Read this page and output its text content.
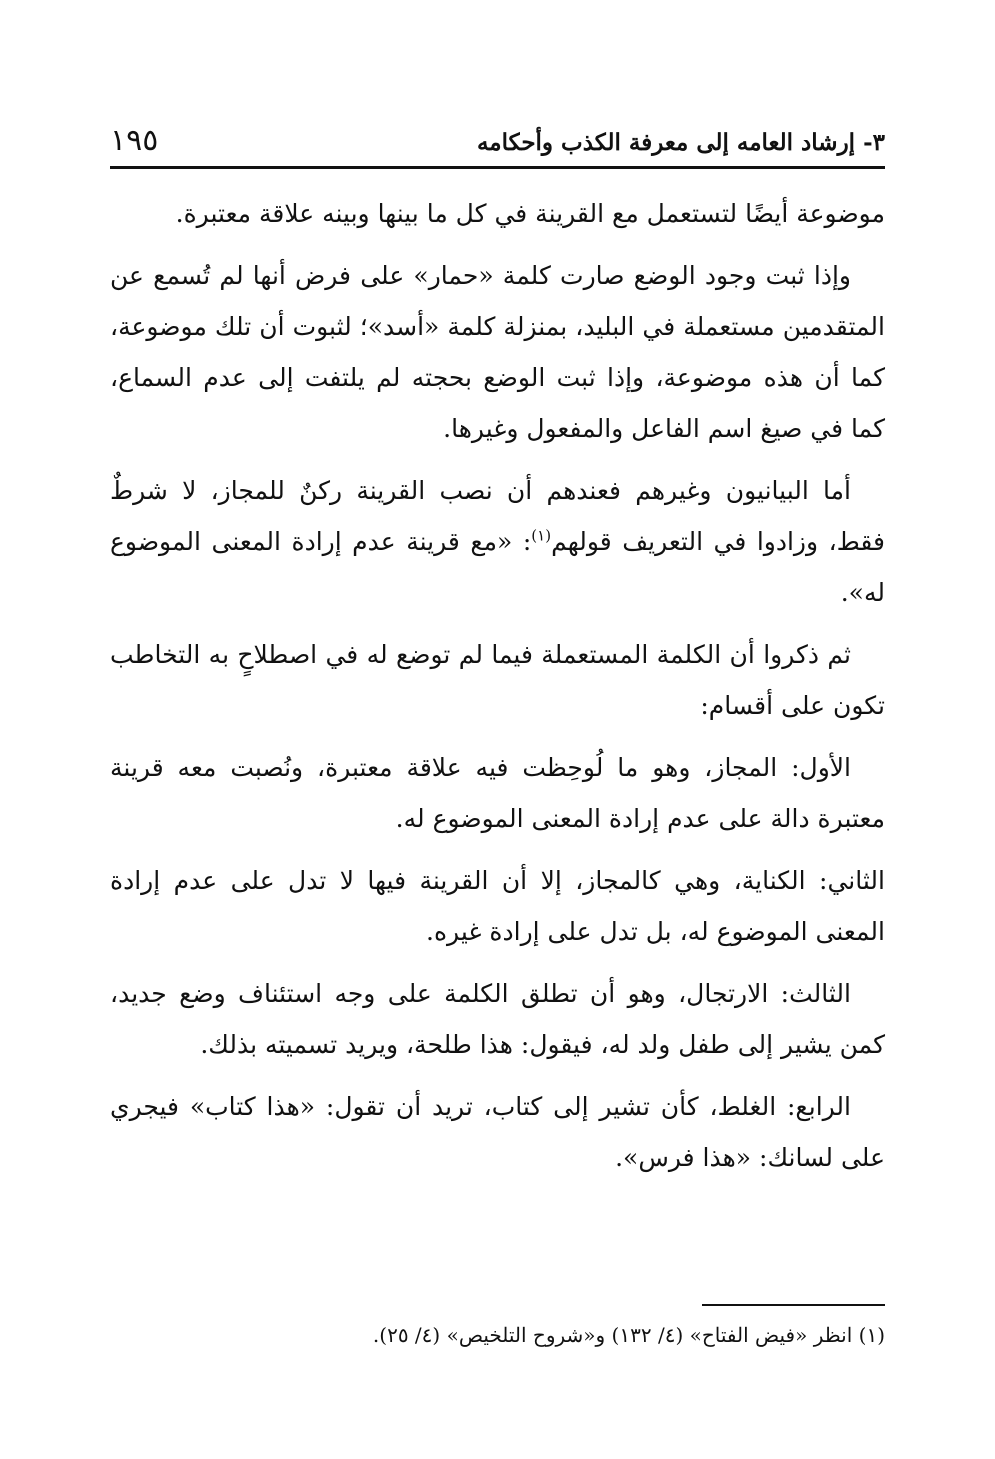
٣- إرشاد العامه إلى معرفة الكذب وأحكامه
١٩٥

موضوعة أيضًا لتستعمل مع القرينة في كل ما بينها وبينه علاقة معتبرة.

وإذا ثبت وجود الوضع صارت كلمة «حمار» على فرض أنها لم تُسمع عن المتقدمين مستعملة في البليد، بمنزلة كلمة «أسد»؛ لثبوت أن تلك موضوعة، كما أن هذه موضوعة، وإذا ثبت الوضع بحجته لم يلتفت إلى عدم السماع، كما في صيغ اسم الفاعل والمفعول وغيرها.

أما البيانيون وغيرهم فعندهم أن نصب القرينة ركنٌ للمجاز، لا شرطٌ فقط، وزادوا في التعريف قولهم$^{(١)}$: «مع قرينة عدم إرادة المعنى الموضوع له».

ثم ذكروا أن الكلمة المستعملة فيما لم توضع له في اصطلاحٍ به التخاطب تكون على أقسام:

الأول: المجاز، وهو ما لُوحِظت فيه علاقة معتبرة، ونُصبت معه قرينة معتبرة دالة على عدم إرادة المعنى الموضوع له.

الثاني: الكناية، وهي كالمجاز، إلا أن القرينة فيها لا تدل على عدم إرادة المعنى الموضوع له، بل تدل على إرادة غيره.

الثالث: الارتجال، وهو أن تطلق الكلمة على وجه استئناف وضع جديد، كمن يشير إلى طفل ولد له، فيقول: هذا طلحة، ويريد تسميته بذلك.

الرابع: الغلط، كأن تشير إلى كتاب، تريد أن تقول: «هذا كتاب» فيجري على لسانك: «هذا فرس».

(١) انظر «فيض الفتاح» (٤/ ١٣٢) و«شروح التلخيص» (٤/ ٢٥).
